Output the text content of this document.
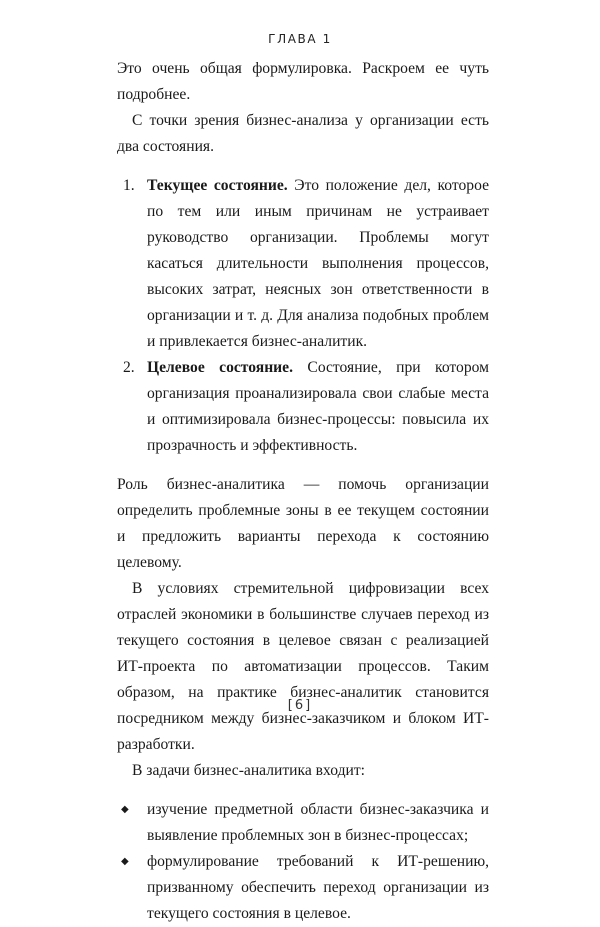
ГЛАВА 1

Это очень общая формулировка. Раскроем ее чуть подробнее.

С точки зрения бизнес-анализа у организации есть два состояния.

1. Текущее состояние. Это положение дел, которое по тем или иным причинам не устраивает руководство организации. Проблемы могут касаться длительности выполнения процессов, высоких затрат, неясных зон ответственности в организации и т. д. Для анализа подобных проблем и привлекается бизнес-аналитик.
2. Целевое состояние. Состояние, при котором организация проанализировала свои слабые места и оптимизировала бизнес-процессы: повысила их прозрачность и эффективность.

Роль бизнес-аналитика — помочь организации определить проблемные зоны в ее текущем состоянии и предложить варианты перехода к состоянию целевому.

В условиях стремительной цифровизации всех отраслей экономики в большинстве случаев переход из текущего состояния в целевое связан с реализацией ИТ-проекта по автоматизации процессов. Таким образом, на практике бизнес-аналитик становится посредником между бизнес-заказчиком и блоком ИТ-разработки.

В задачи бизнес-аналитика входит:

◆ изучение предметной области бизнес-заказчика и выявление проблемных зон в бизнес-процессах;
◆ формулирование требований к ИТ-решению, призванному обеспечить переход организации из текущего состояния в целевое.
[6]
